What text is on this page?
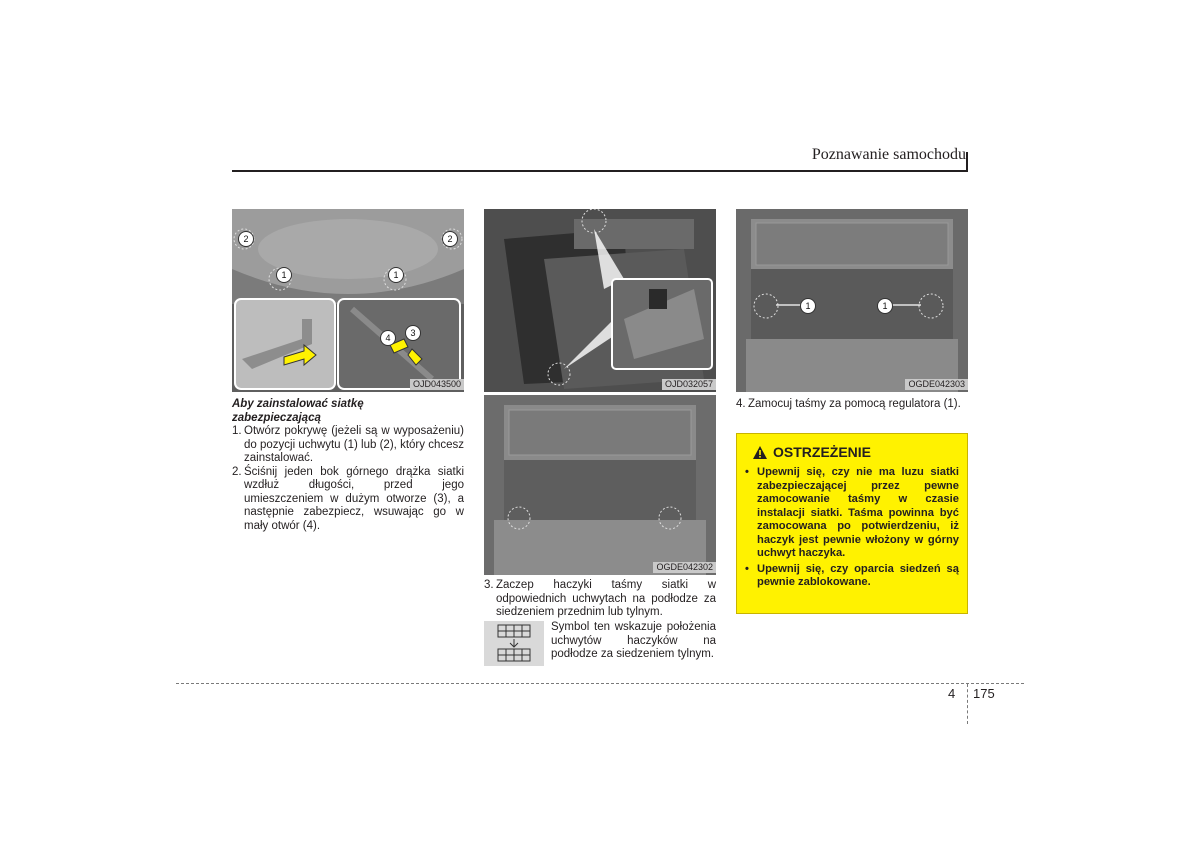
Poznawanie samochodu
2	2
1	1
3
4
OJD043500	OJD032057
OGDE042302
1	1
OGDE042303
Aby zainstalować siatkę zabezpieczającą
1. Otwórz pokrywę (jeżeli są w wyposażeniu) do pozycji uchwytu (1) lub (2), który chcesz zainstalować.
2. Ściśnij jeden bok górnego drążka siatki wzdłuż długości, przed jego umieszczeniem w dużym otworze (3), a następnie zabezpiecz, wsuwając go w mały otwór (4).
3. Zaczep haczyki taśmy siatki w odpowiednich uchwytach na podłodze za siedzeniem przednim lub tylnym.
Symbol ten wskazuje położenia uchwytów haczyków na podłodze za siedzeniem tylnym.
4. Zamocuj taśmy za pomocą regulatora (1).
OSTRZEŻENIE
• Upewnij się, czy nie ma luzu siatki zabezpieczającej przez pewne zamocowanie taśmy w czasie instalacji siatki. Taśma powinna być zamocowana po potwierdzeniu, iż haczyk jest pewnie włożony w górny uchwyt haczyka.
• Upewnij się, czy oparcia siedzeń są pewnie zablokowane.
4 175
